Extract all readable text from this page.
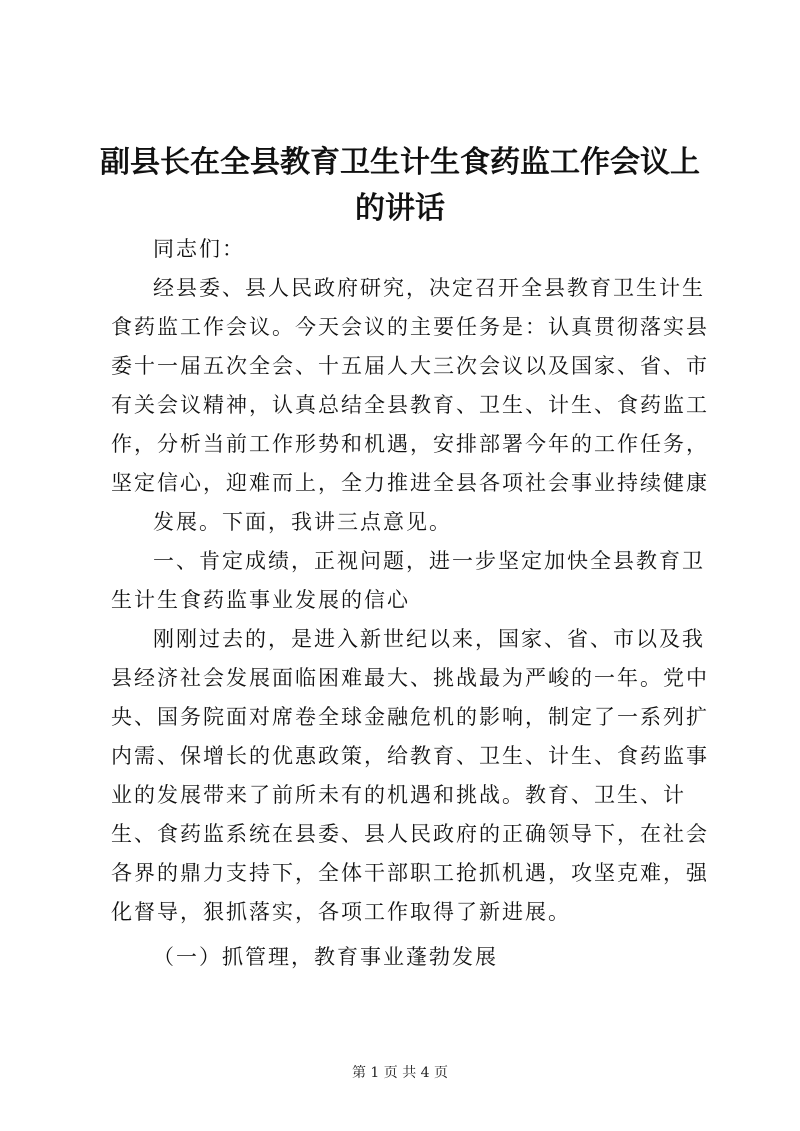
副县长在全县教育卫生计生食药监工作会议上的讲话

同志们：

经县委、县人民政府研究，决定召开全县教育卫生计生食药监工作会议。今天会议的主要任务是：认真贯彻落实县委十一届五次全会、十五届人大三次会议以及国家、省、市有关会议精神，认真总结全县教育、卫生、计生、食药监工作，分析当前工作形势和机遇，安排部署今年的工作任务，坚定信心，迎难而上，全力推进全县各项社会事业持续健康

发展。下面，我讲三点意见。

一、肯定成绩，正视问题，进一步坚定加快全县教育卫生计生食药监事业发展的信心

刚刚过去的，是进入新世纪以来，国家、省、市以及我县经济社会发展面临困难最大、挑战最为严峻的一年。党中央、国务院面对席卷全球金融危机的影响，制定了一系列扩内需、保增长的优惠政策，给教育、卫生、计生、食药监事业的发展带来了前所未有的机遇和挑战。教育、卫生、计生、食药监系统在县委、县人民政府的正确领导下，在社会各界的鼎力支持下，全体干部职工抢抓机遇，攻坚克难，强化督导，狠抓落实，各项工作取得了新进展。

（一）抓管理，教育事业蓬勃发展

第 1 页 共 4 页
